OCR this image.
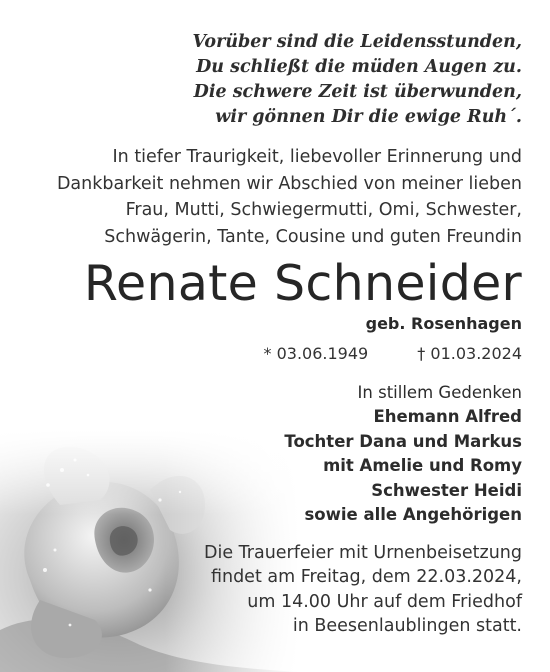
Vorüber sind die Leidensstunden,
Du schließt die müden Augen zu.
Die schwere Zeit ist überwunden,
wir gönnen Dir die ewige Ruh´.
In tiefer Traurigkeit, liebevoller Erinnerung und
Dankbarkeit nehmen wir Abschied von meiner lieben
Frau, Mutti, Schwiegermutti, Omi, Schwester,
Schwägerin, Tante, Cousine und guten Freundin
Renate Schneider
geb. Rosenhagen
* 03.06.1949	† 01.03.2024
In stillem Gedenken
Ehemann Alfred
Tochter Dana und Markus
mit Amelie und Romy
Schwester Heidi
sowie alle Angehörigen
Die Trauerfeier mit Urnenbeisetzung
findet am Freitag, dem 22.03.2024,
um 14.00 Uhr auf dem Friedhof
in Beesenlaublingen statt.
